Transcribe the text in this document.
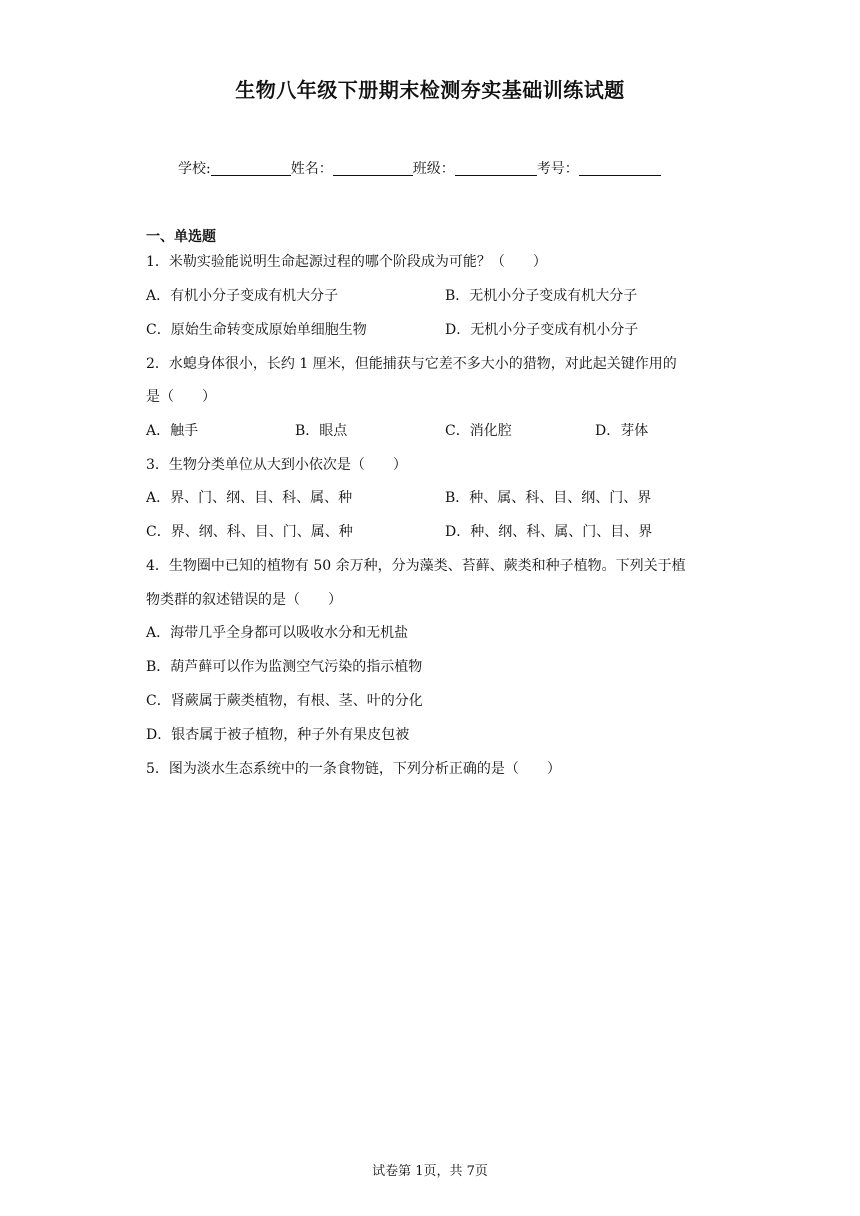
生物八年级下册期末检测夯实基础训练试题
学校:	姓名：	班级：	考号：
一、单选题
1．米勒实验能说明生命起源过程的哪个阶段成为可能？（　　）
A．有机小分子变成有机大分子	B．无机小分子变成有机大分子
C．原始生命转变成原始单细胞生物	D．无机小分子变成有机小分子
2．水螅身体很小，长约 1 厘米，但能捕获与它差不多大小的猎物，对此起关键作用的
是（　　）
A．触手	B．眼点	C．消化腔	D．芽体
3．生物分类单位从大到小依次是（　　）
A．界、门、纲、目、科、属、种	B．种、属、科、目、纲、门、界
C．界、纲、科、目、门、属、种	D．种、纲、科、属、门、目、界
4．生物圈中已知的植物有 50 余万种，分为藻类、苔藓、蕨类和种子植物。下列关于植
物类群的叙述错误的是（　　）
A．海带几乎全身都可以吸收水分和无机盐
B．葫芦藓可以作为监测空气污染的指示植物
C．肾蕨属于蕨类植物，有根、茎、叶的分化
D．银杏属于被子植物，种子外有果皮包被
5．图为淡水生态系统中的一条食物链，下列分析正确的是（　　）
试卷第 1页，共 7页
